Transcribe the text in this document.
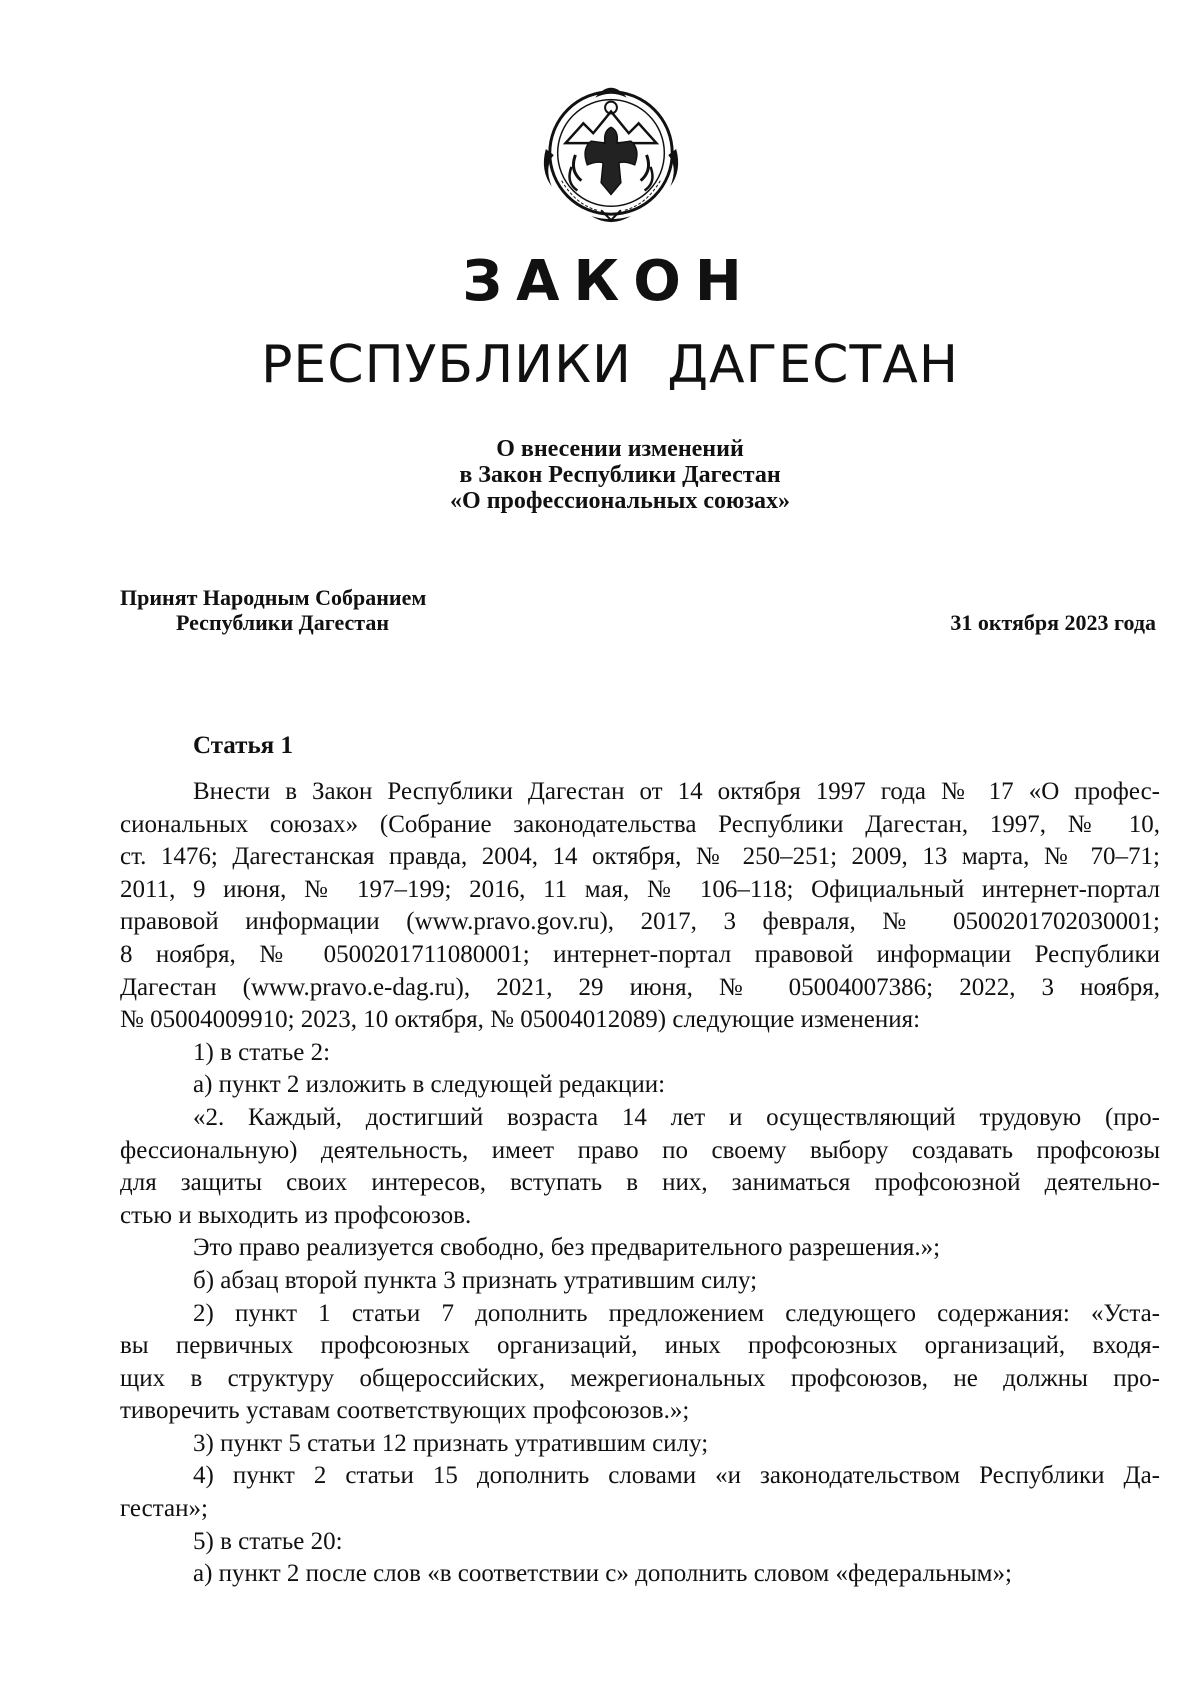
ЗАКОН
РЕСПУБЛИКИ ДАГЕСТАН
О внесении изменений
в Закон Республики Дагестан
«О профессиональных союзах»
Принят Народным Собранием
Республики Дагестан	31 октября 2023 года
Статья 1
Внести в Закон Республики Дагестан от 14 октября 1997 года № 17 «О профес-
сиональных союзах» (Собрание законодательства Республики Дагестан, 1997, № 10,
ст. 1476; Дагестанская правда, 2004, 14 октября, № 250–251; 2009, 13 марта, № 70–71;
2011, 9 июня, № 197–199; 2016, 11 мая, № 106–118; Официальный интернет-портал
правовой информации (www.pravo.gov.ru), 2017, 3 февраля, № 0500201702030001;
8 ноября, № 0500201711080001; интернет-портал правовой информации Республики
Дагестан (www.pravo.e-dag.ru), 2021, 29 июня, № 05004007386; 2022, 3 ноября,
№ 05004009910; 2023, 10 октября, № 05004012089) следующие изменения:
1) в статье 2:
а) пункт 2 изложить в следующей редакции:
«2. Каждый, достигший возраста 14 лет и осуществляющий трудовую (про-
фессиональную) деятельность, имеет право по своему выбору создавать профсоюзы
для защиты своих интересов, вступать в них, заниматься профсоюзной деятельно-
стью и выходить из профсоюзов.
Это право реализуется свободно, без предварительного разрешения.»;
б) абзац второй пункта 3 признать утратившим силу;
2) пункт 1 статьи 7 дополнить предложением следующего содержания: «Уста-
вы первичных профсоюзных организаций, иных профсоюзных организаций, входя-
щих в структуру общероссийских, межрегиональных профсоюзов, не должны про-
тиворечить уставам соответствующих профсоюзов.»;
3) пункт 5 статьи 12 признать утратившим силу;
4) пункт 2 статьи 15 дополнить словами «и законодательством Республики Да-
гестан»;
5) в статье 20:
а) пункт 2 после слов «в соответствии с» дополнить словом «федеральным»;
